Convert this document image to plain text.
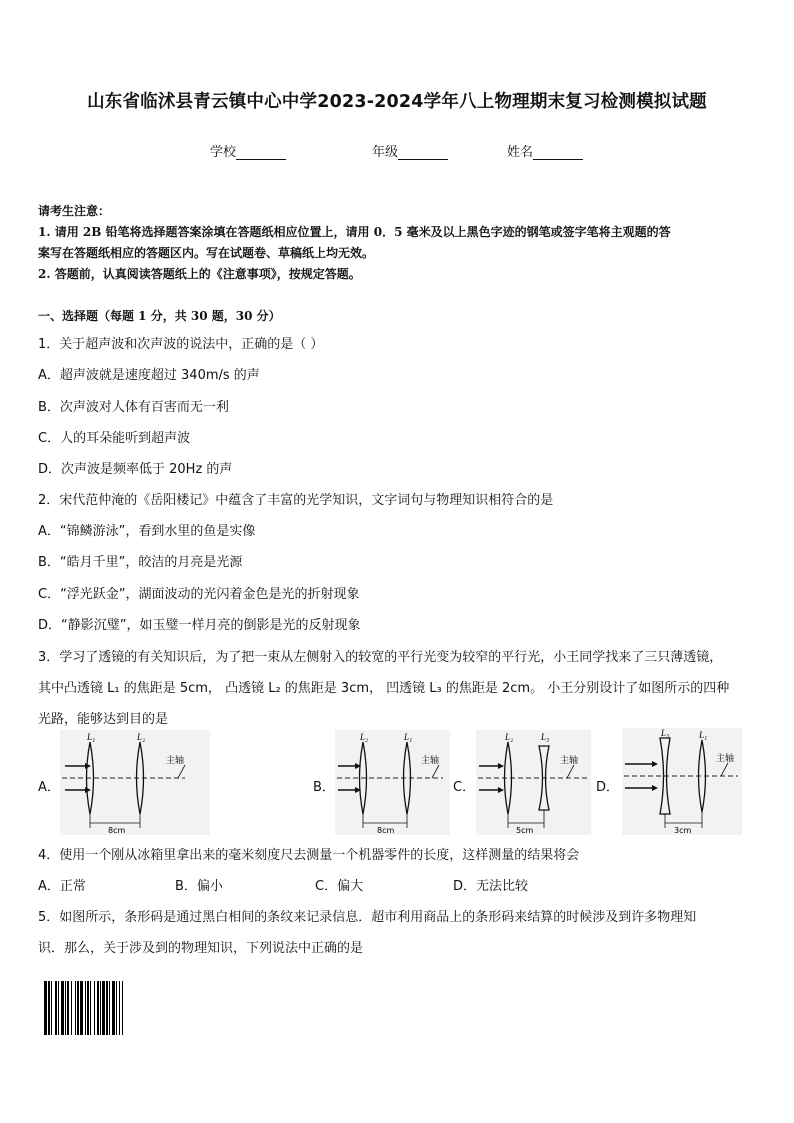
山东省临沭县青云镇中心中学2023-2024学年八上物理期末复习检测模拟试题
学校	年级	姓名
请考生注意：
1. 请用 2B 铅笔将选择题答案涂填在答题纸相应位置上，请用 0．5 毫米及以上黑色字迹的钢笔或签字笔将主观题的答
案写在答题纸相应的答题区内。写在试题卷、草稿纸上均无效。
2. 答题前，认真阅读答题纸上的《注意事项》，按规定答题。
一、选择题（每题 1 分，共 30 题，30 分）
1．关于超声波和次声波的说法中，正确的是（ ）
A．超声波就是速度超过 340m/s 的声
B．次声波对人体有百害而无一利
C．人的耳朵能听到超声波
D．次声波是频率低于 20Hz 的声
2．宋代范仲淹的《岳阳楼记》中蕴含了丰富的光学知识，文字词句与物理知识相符合的是
A．“锦鳞游泳”，看到水里的鱼是实像
B．“皓月千里”，皎洁的月亮是光源
C．“浮光跃金”，湖面波动的光闪着金色是光的折射现象
D．“静影沉璧”，如玉璧一样月亮的倒影是光的反射现象
3．学习了透镜的有关知识后，为了把一束从左侧射入的较宽的平行光变为较窄的平行光，小王同学找来了三只薄透镜，
其中凸透镜 L₁ 的焦距是 5cm， 凸透镜 L₂ 的焦距是 3cm， 凹透镜 L₃ 的焦距是 2cm。 小王分别设计了如图所示的四种
光路，能够达到目的是
A．	B．	C．	D．
L₁	L₂
主轴
8cm
L₂	L₁
主轴
8cm
L₂	L₃
主轴
5cm
L₃	L₁
主轴
3cm
4．使用一个刚从冰箱里拿出来的毫米刻度尺去测量一个机器零件的长度，这样测量的结果将会
A．正常	B．偏小	C．偏大	D．无法比较
5．如图所示，条形码是通过黑白相间的条纹来记录信息．超市利用商品上的条形码来结算的时候涉及到许多物理知
识．那么，关于涉及到的物理知识，下列说法中正确的是
